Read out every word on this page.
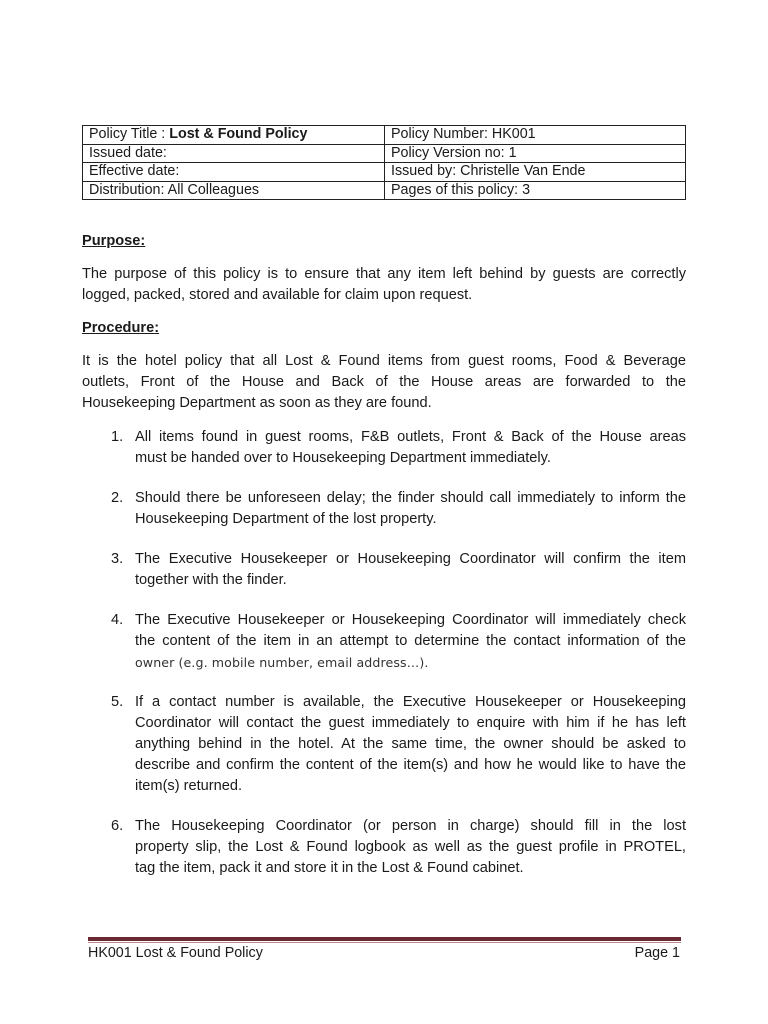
Policy Title : Lost & Found Policy	Policy Number: HK001
Issued date:	Policy Version no: 1
Effective date:	Issued by: Christelle Van Ende
Distribution: All Colleagues	Pages of this policy: 3
Purpose:
The purpose of this policy is to ensure that any item left behind by guests are correctly
logged, packed, stored and available for claim upon request.
Procedure:
It is the hotel policy that all Lost & Found items from guest rooms, Food & Beverage
outlets, Front of the House and Back of the House areas are forwarded to the
Housekeeping Department as soon as they are found.
1. All items found in guest rooms, F&B outlets, Front & Back of the House areas
must be handed over to Housekeeping Department immediately.
2. Should there be unforeseen delay; the finder should call immediately to inform the
Housekeeping Department of the lost property.
3. The Executive Housekeeper or Housekeeping Coordinator will confirm the item
together with the finder.
4. The Executive Housekeeper or Housekeeping Coordinator will immediately check
the content of the item in an attempt to determine the contact information of the
owner (e.g. mobile number, email address…).
5. If a contact number is available, the Executive Housekeeper or Housekeeping
Coordinator will contact the guest immediately to enquire with him if he has left
anything behind in the hotel. At the same time, the owner should be asked to
describe and confirm the content of the item(s) and how he would like to have the
item(s) returned.
6. The Housekeeping Coordinator (or person in charge) should fill in the lost
property slip, the Lost & Found logbook as well as the guest profile in PROTEL,
tag the item, pack it and store it in the Lost & Found cabinet.
HK001 Lost & Found Policy	Page 1
